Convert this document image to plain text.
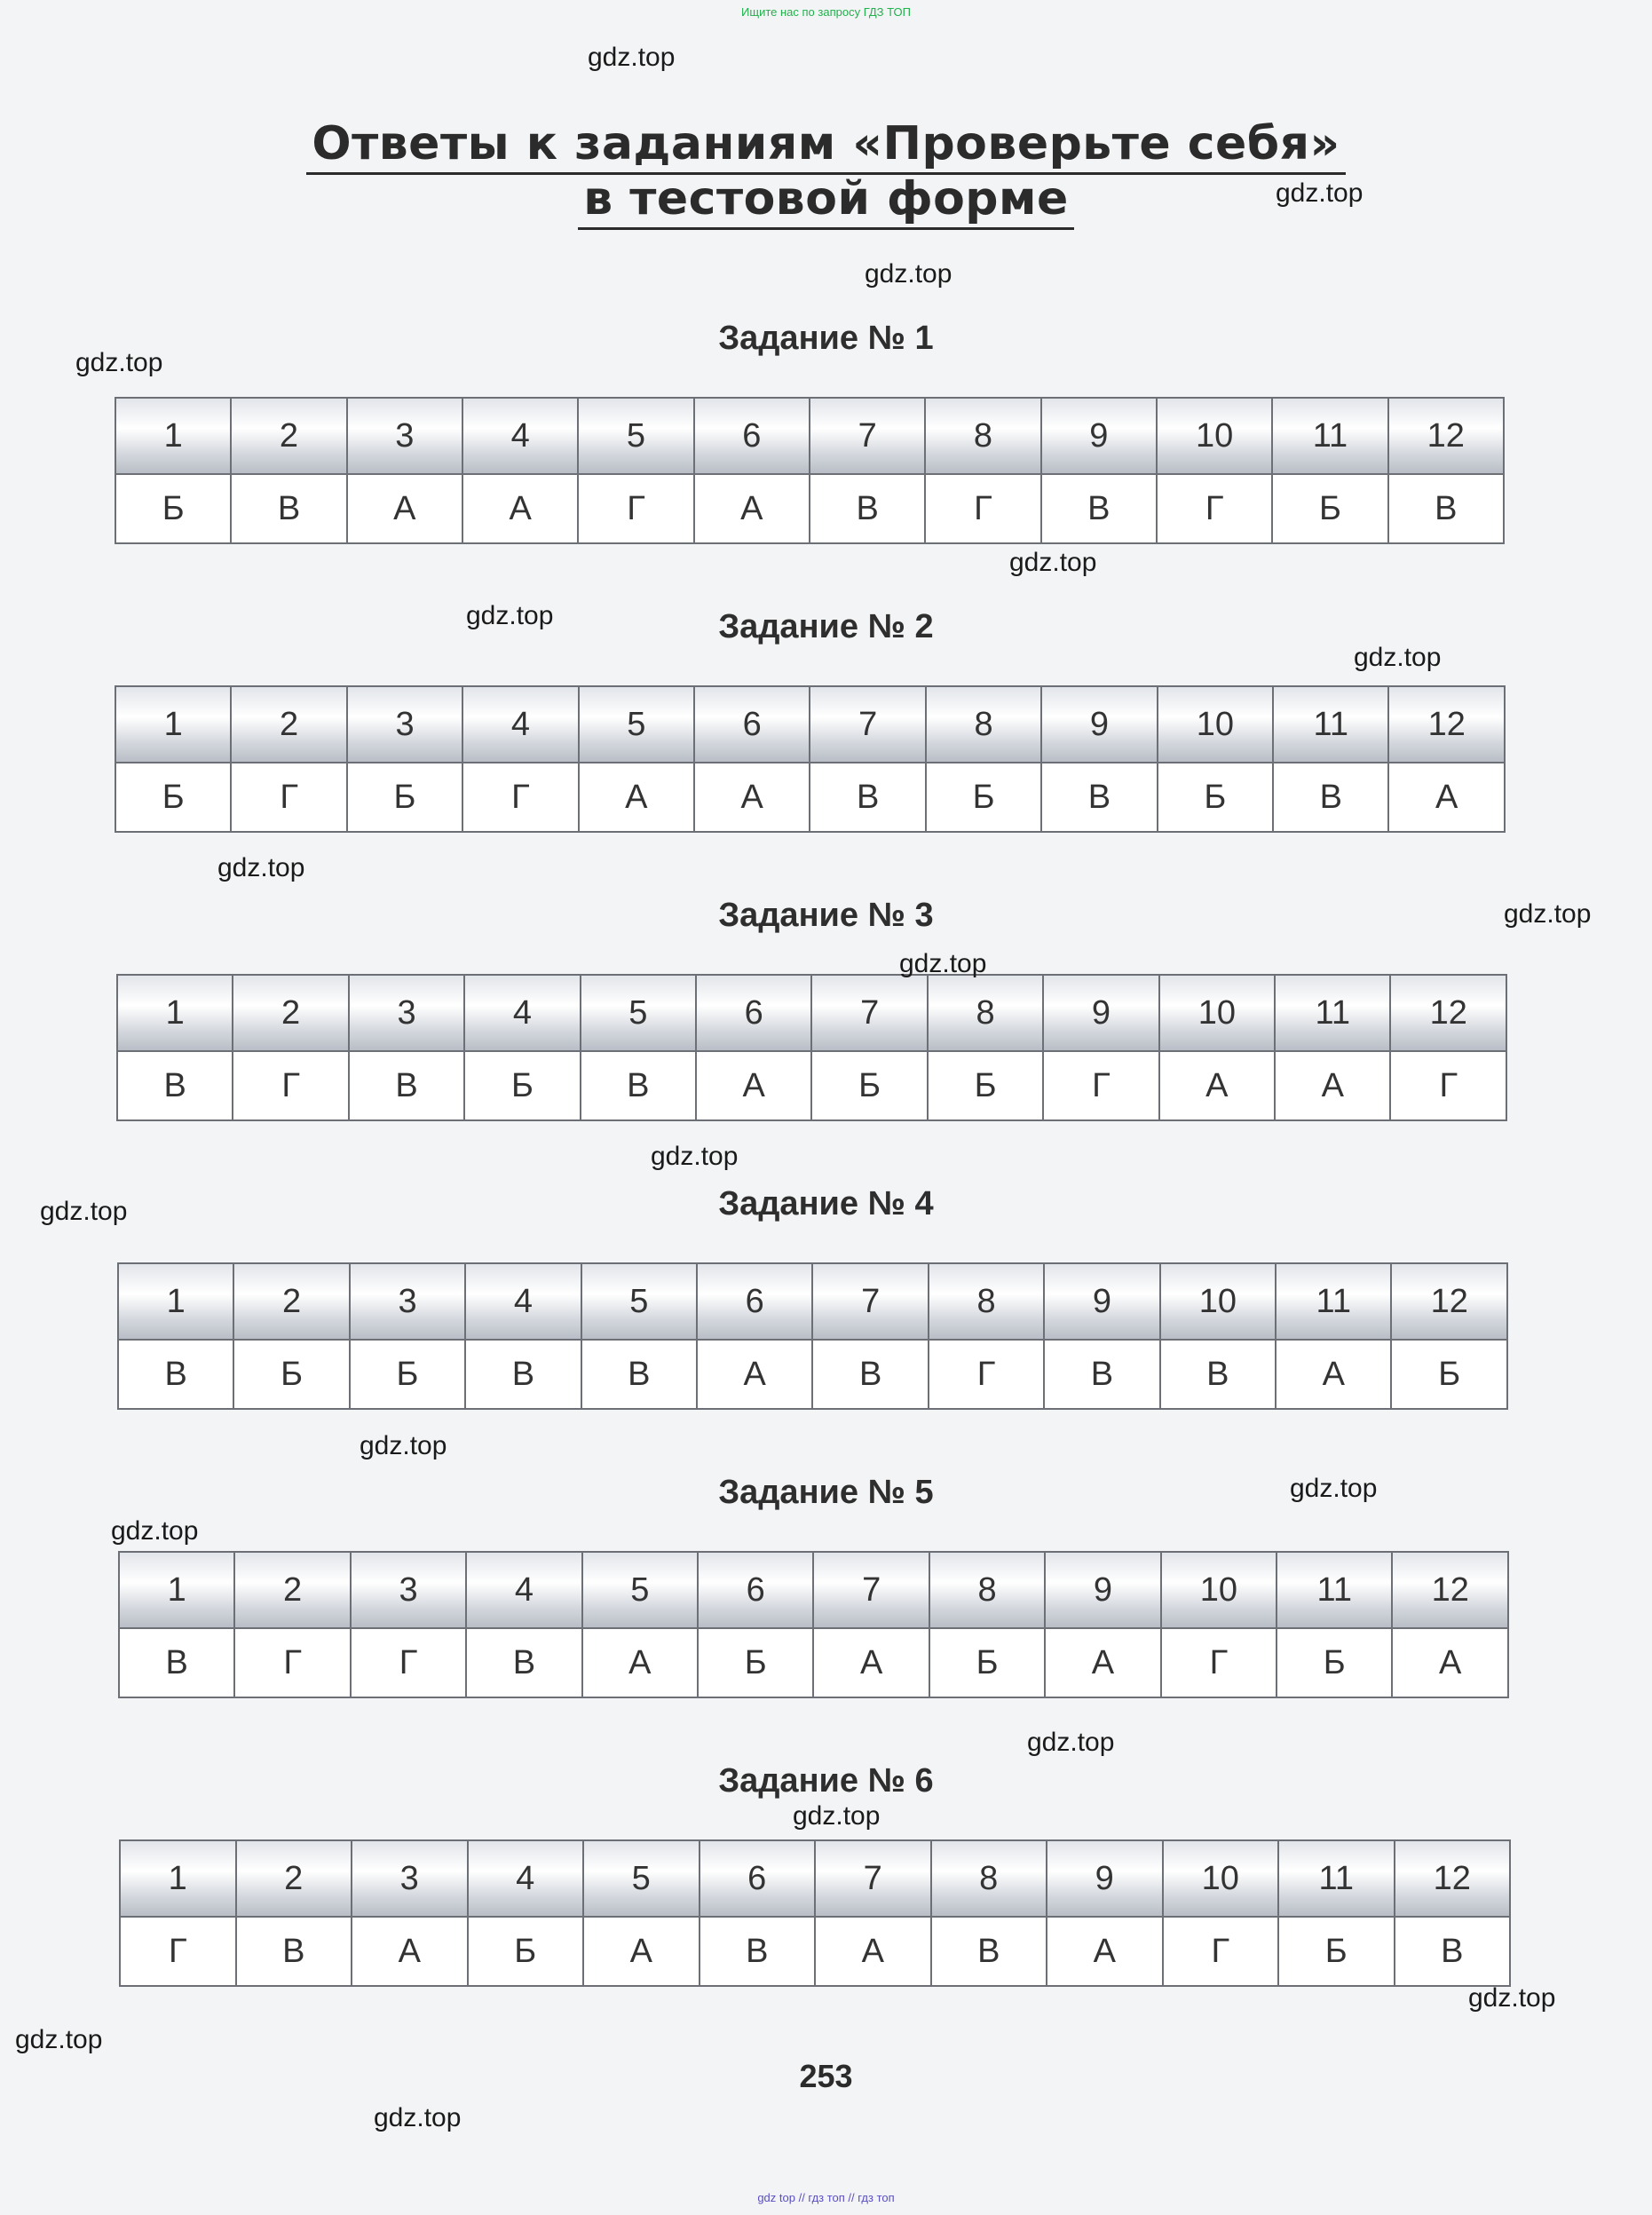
Ищите нас по запросу ГДЗ ТОП
Ответы к заданиям «Проверьте себя»
в тестовой форме
Задание № 1
1	2	3	4	5	6	7	8	9	10	11	12
Б	В	А	А	Г	А	В	Г	В	Г	Б	В
Задание № 2
1	2	3	4	5	6	7	8	9	10	11	12
Б	Г	Б	Г	А	А	В	Б	В	Б	В	А
Задание № 3
1	2	3	4	5	6	7	8	9	10	11	12
В	Г	В	Б	В	А	Б	Б	Г	А	А	Г
Задание № 4
1	2	3	4	5	6	7	8	9	10	11	12
В	Б	Б	В	В	А	В	Г	В	В	А	Б
Задание № 5
1	2	3	4	5	6	7	8	9	10	11	12
В	Г	Г	В	А	Б	А	Б	А	Г	Б	А
Задание № 6
1	2	3	4	5	6	7	8	9	10	11	12
Г	В	А	Б	А	В	А	В	А	Г	Б	В
253
gdz.top
gdz.top
gdz.top
gdz.top
gdz.top
gdz.top
gdz.top
gdz.top
gdz.top
gdz.top
gdz.top
gdz.top
gdz.top
gdz.top
gdz.top
gdz.top
gdz.top
gdz.top
gdz.top
gdz.top
gdz top // гдз топ // гдз топ
